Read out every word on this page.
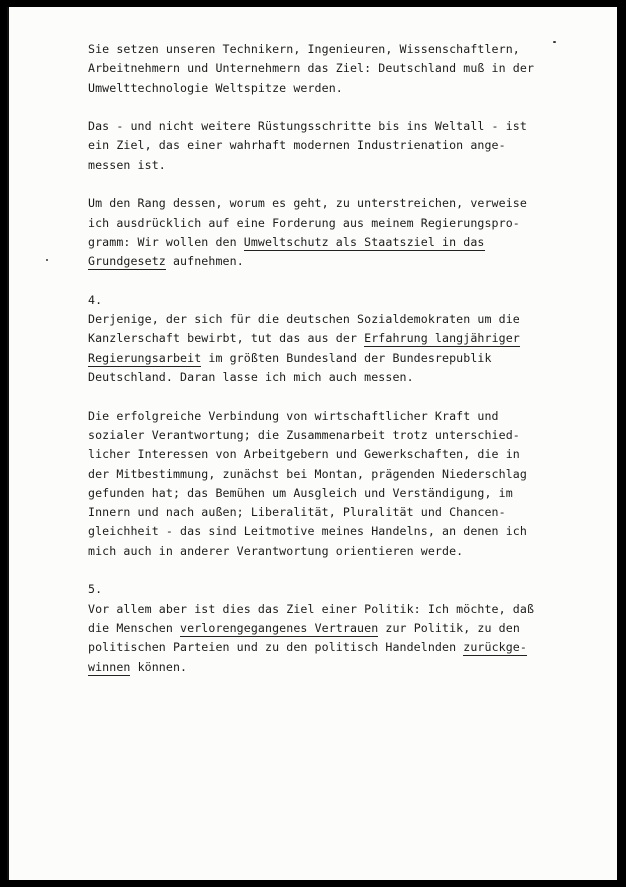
Sie setzen unseren Technikern, Ingenieuren, Wissenschaftlern,
Arbeitnehmern und Unternehmern das Ziel: Deutschland muß in der
Umwelttechnologie Weltspitze werden.
Das - und nicht weitere Rüstungsschritte bis ins Weltall - ist
ein Ziel, das einer wahrhaft modernen Industrienation ange-
messen ist.
Um den Rang dessen, worum es geht, zu unterstreichen, verweise
ich ausdrücklich auf eine Forderung aus meinem Regierungspro-
gramm: Wir wollen den Umweltschutz als Staatsziel in das
Grundgesetz aufnehmen.
4.
Derjenige, der sich für die deutschen Sozialdemokraten um die
Kanzlerschaft bewirbt, tut das aus der Erfahrung langjähriger
Regierungsarbeit im größten Bundesland der Bundesrepublik
Deutschland. Daran lasse ich mich auch messen.
Die erfolgreiche Verbindung von wirtschaftlicher Kraft und
sozialer Verantwortung; die Zusammenarbeit trotz unterschied-
licher Interessen von Arbeitgebern und Gewerkschaften, die in
der Mitbestimmung, zunächst bei Montan, prägenden Niederschlag
gefunden hat; das Bemühen um Ausgleich und Verständigung, im
Innern und nach außen; Liberalität, Pluralität und Chancen-
gleichheit - das sind Leitmotive meines Handelns, an denen ich
mich auch in anderer Verantwortung orientieren werde.
5.
Vor allem aber ist dies das Ziel einer Politik: Ich möchte, daß
die Menschen verlorengegangenes Vertrauen zur Politik, zu den
politischen Parteien und zu den politisch Handelnden zurückge-
winnen können.
